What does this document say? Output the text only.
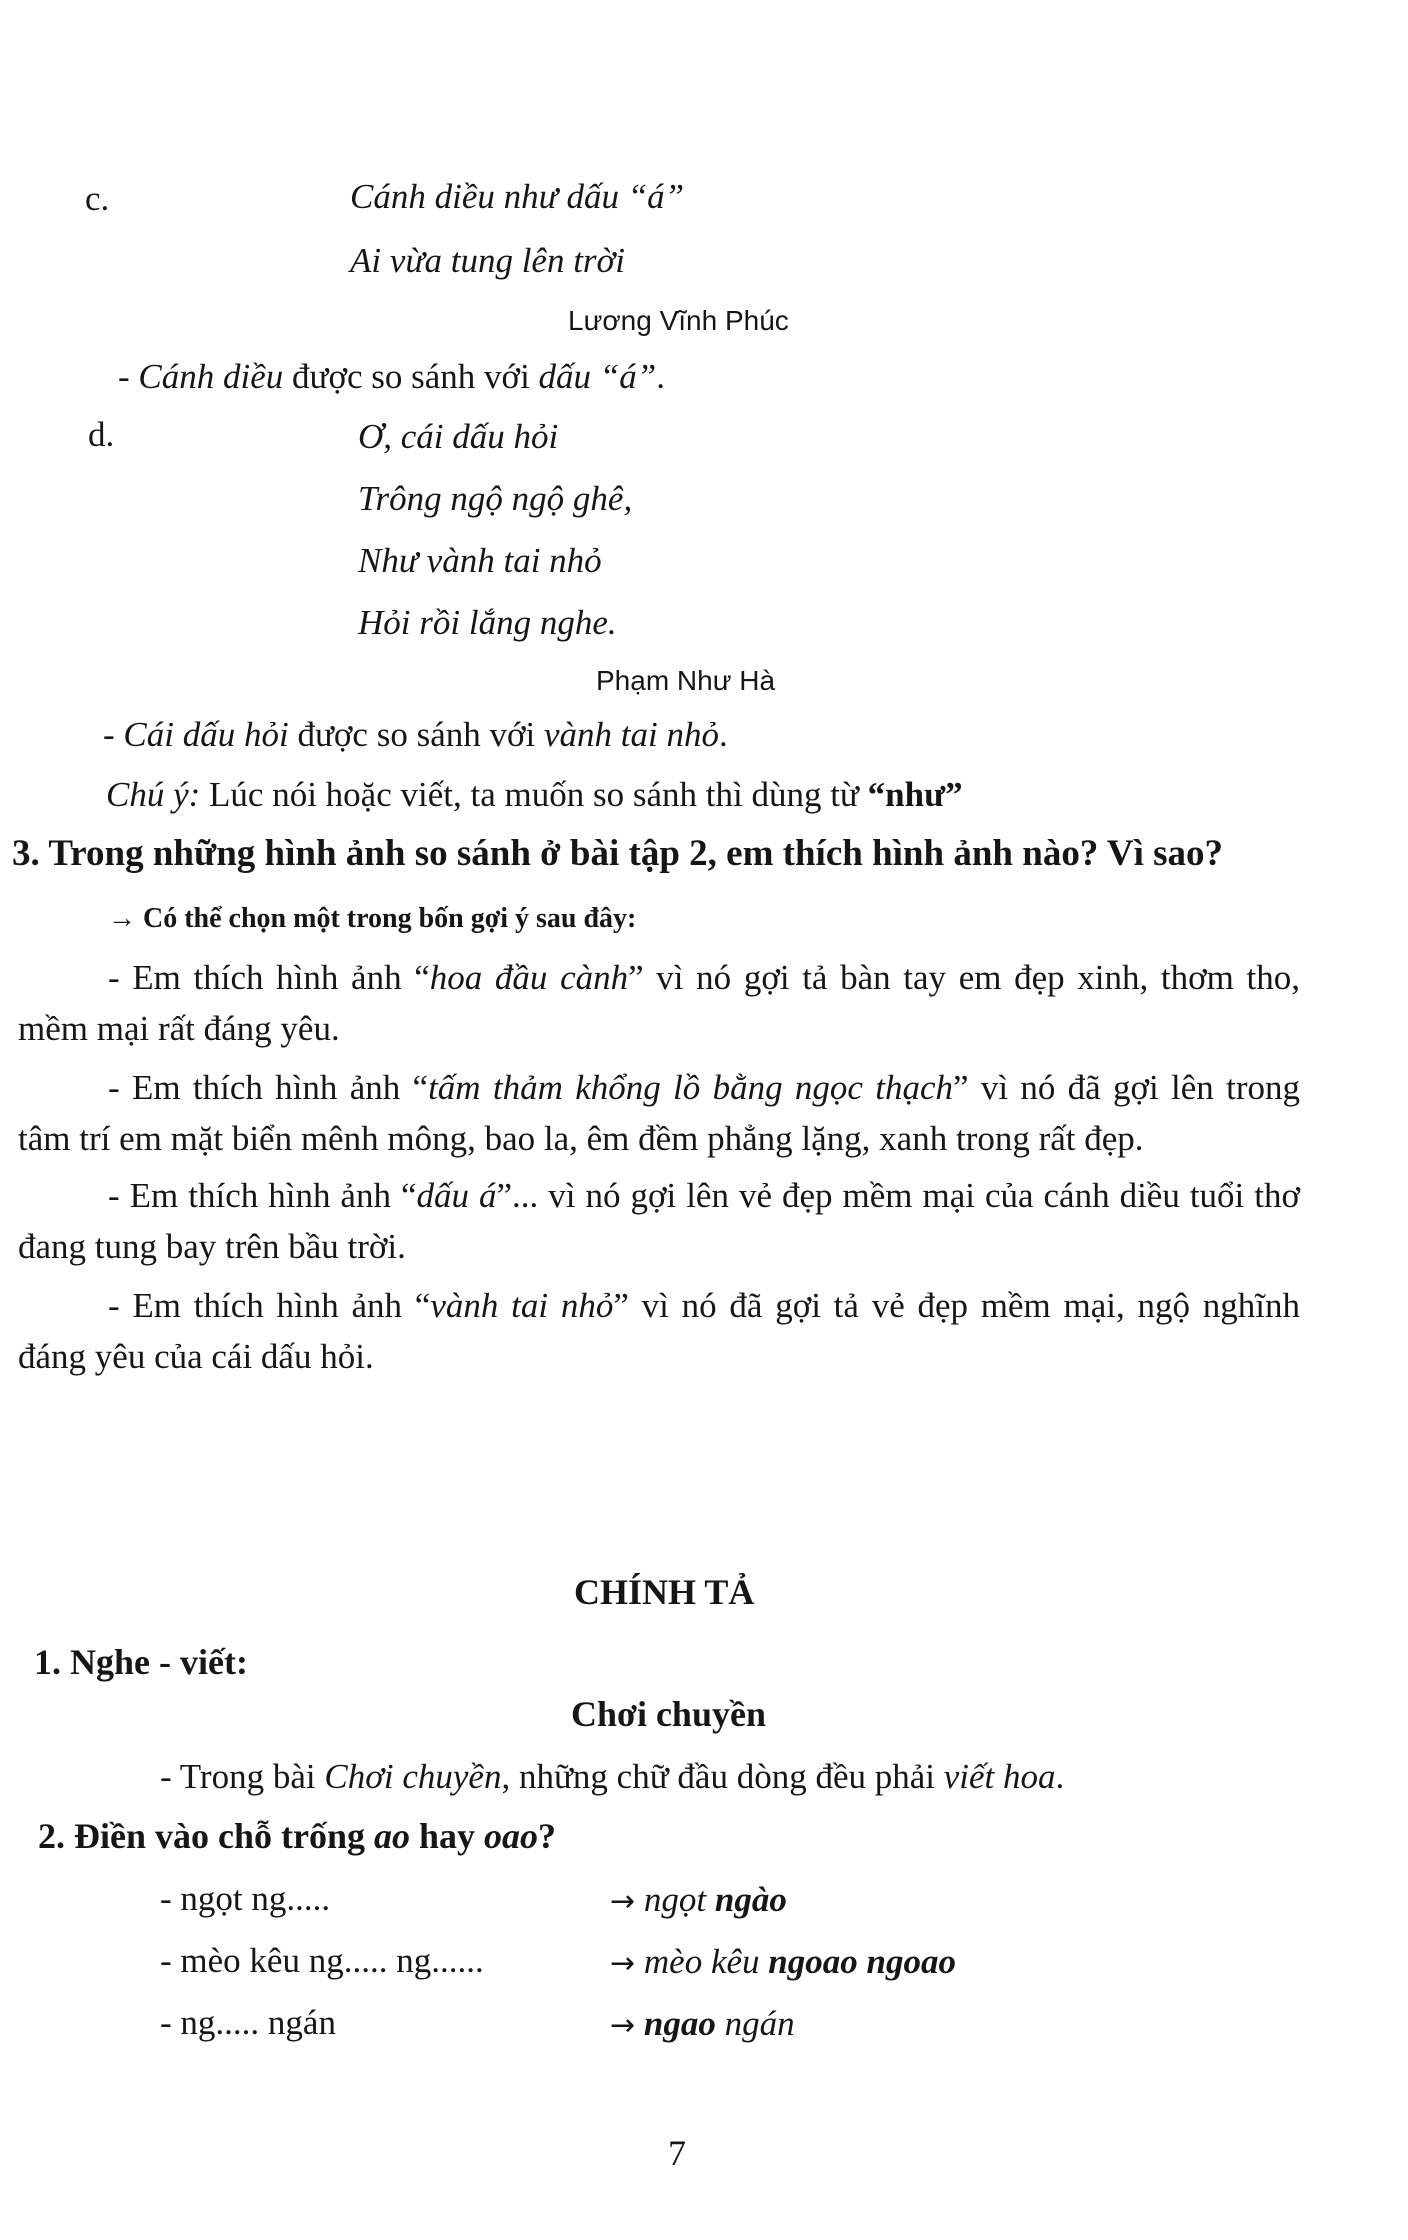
c.	Cánh diều như dấu “á”
Ai vừa tung lên trời
Lương Vĩnh Phúc
- Cánh diều được so sánh với dấu “á”.
d.	Ơ, cái dấu hỏi
Trông ngộ ngộ ghê,
Như vành tai nhỏ
Hỏi rồi lắng nghe.
Phạm Như Hà
- Cái dấu hỏi được so sánh với vành tai nhỏ.
Chú ý: Lúc nói hoặc viết, ta muốn so sánh thì dùng từ “như”
3. Trong những hình ảnh so sánh ở bài tập 2, em thích hình ảnh nào? Vì sao?
→ Có thể chọn một trong bốn gợi ý sau đây:
- Em thích hình ảnh “hoa đầu cành” vì nó gợi tả bàn tay em đẹp xinh, thơm tho, mềm mại rất đáng yêu.
- Em thích hình ảnh “tấm thảm khổng lồ bằng ngọc thạch” vì nó đã gợi lên trong tâm trí em mặt biển mênh mông, bao la, êm đềm phẳng lặng, xanh trong rất đẹp.
- Em thích hình ảnh “dấu á”... vì nó gợi lên vẻ đẹp mềm mại của cánh diều tuổi thơ đang tung bay trên bầu trời.
- Em thích hình ảnh “vành tai nhỏ” vì nó đã gợi tả vẻ đẹp mềm mại, ngộ nghĩnh đáng yêu của cái dấu hỏi.
CHÍNH TẢ
1. Nghe - viết:
Chơi chuyền
- Trong bài Chơi chuyền, những chữ đầu dòng đều phải viết hoa.
2. Điền vào chỗ trống ao hay oao?
- ngọt ng.....	→ ngọt ngào
- mèo kêu ng..... ng......	→ mèo kêu ngoao ngoao
- ng..... ngán	→ ngao ngán
7
